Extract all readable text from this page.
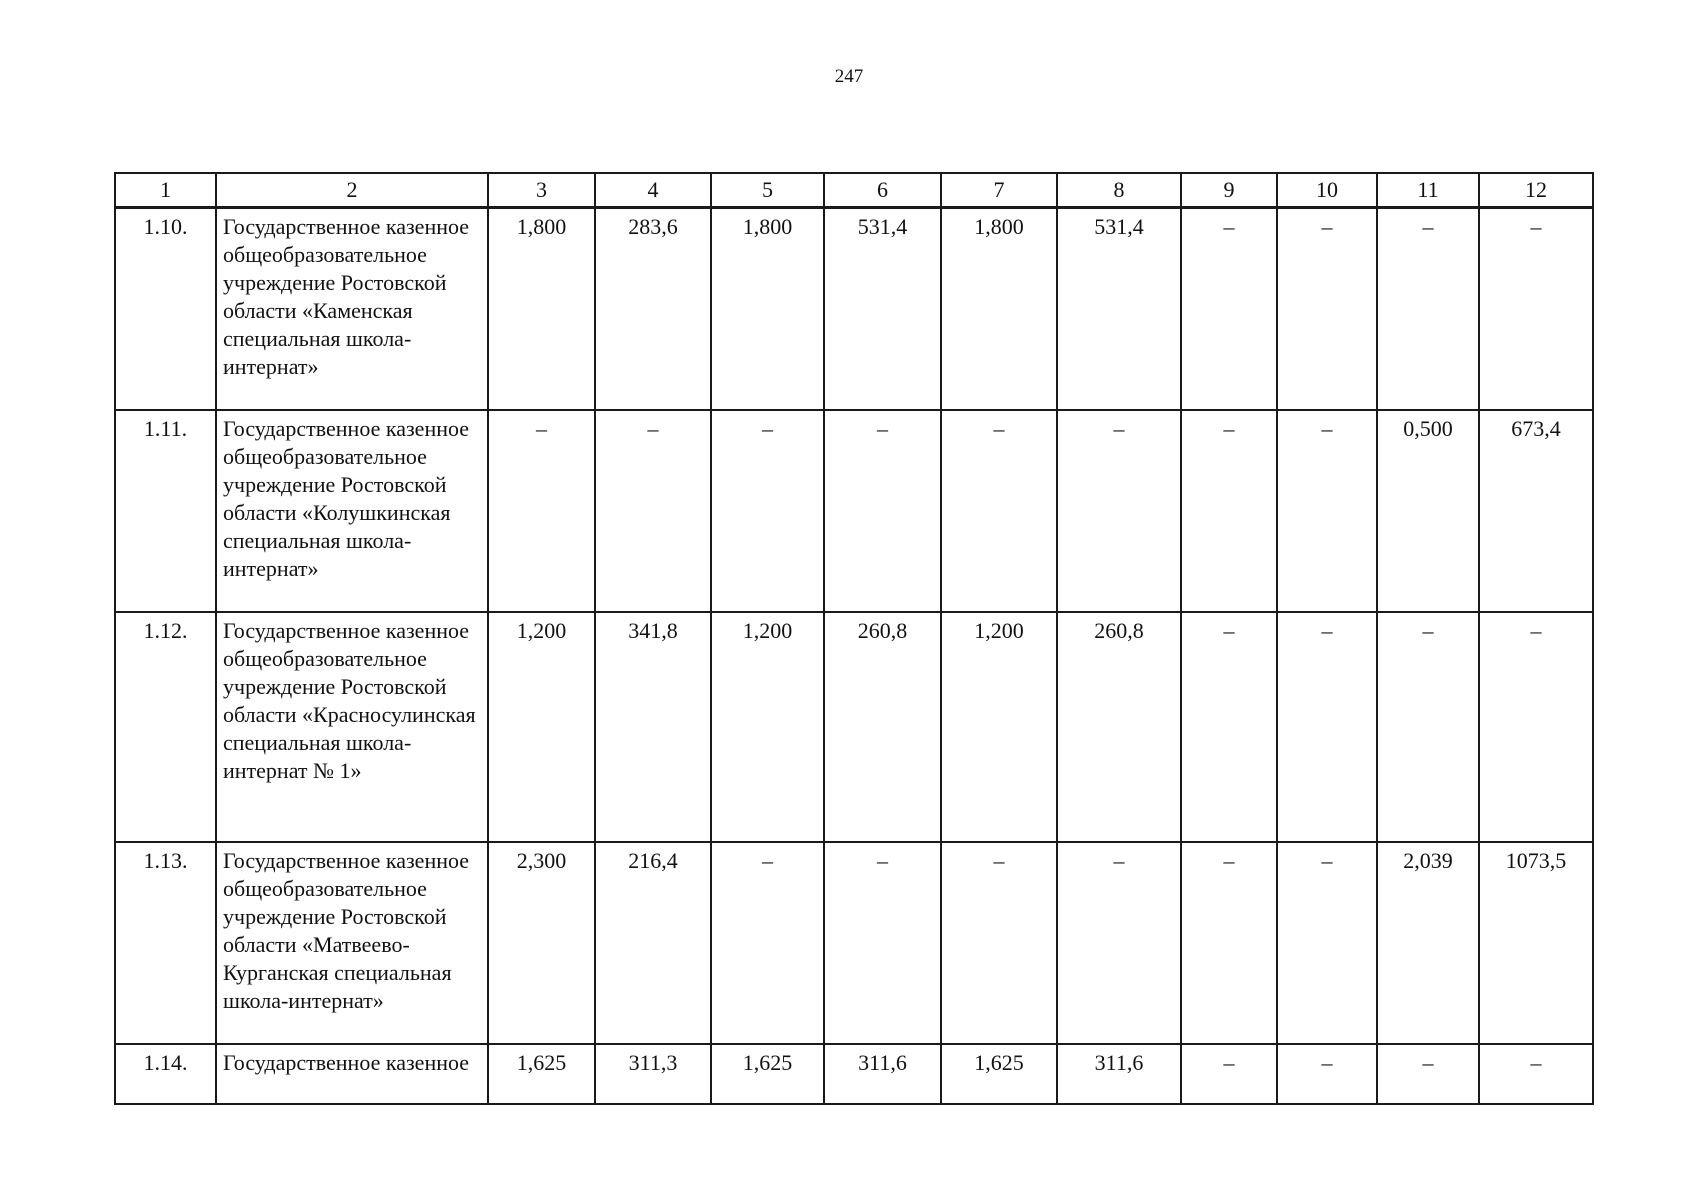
247
1	2	3	4	5	6	7	8	9	10	11	12
1.10.	Государственное казенное общеобразовательное учреждение Ростовской области «Каменская специальная школа-интернат»	1,800	283,6	1,800	531,4	1,800	531,4	–	–	–	–
1.11.	Государственное казенное общеобразовательное учреждение Ростовской области «Колушкинская специальная школа-интернат»	–	–	–	–	–	–	–	–	0,500	673,4
1.12.	Государственное казенное общеобразовательное учреждение Ростовской области «Красносулинская специальная школа-интернат № 1»	1,200	341,8	1,200	260,8	1,200	260,8	–	–	–	–
1.13.	Государственное казенное общеобразовательное учреждение Ростовской области «Матвеево-Курганская специальная школа-интернат»	2,300	216,4	–	–	–	–	–	–	2,039	1073,5
1.14.	Государственное казенное	1,625	311,3	1,625	311,6	1,625	311,6	–	–	–	–
